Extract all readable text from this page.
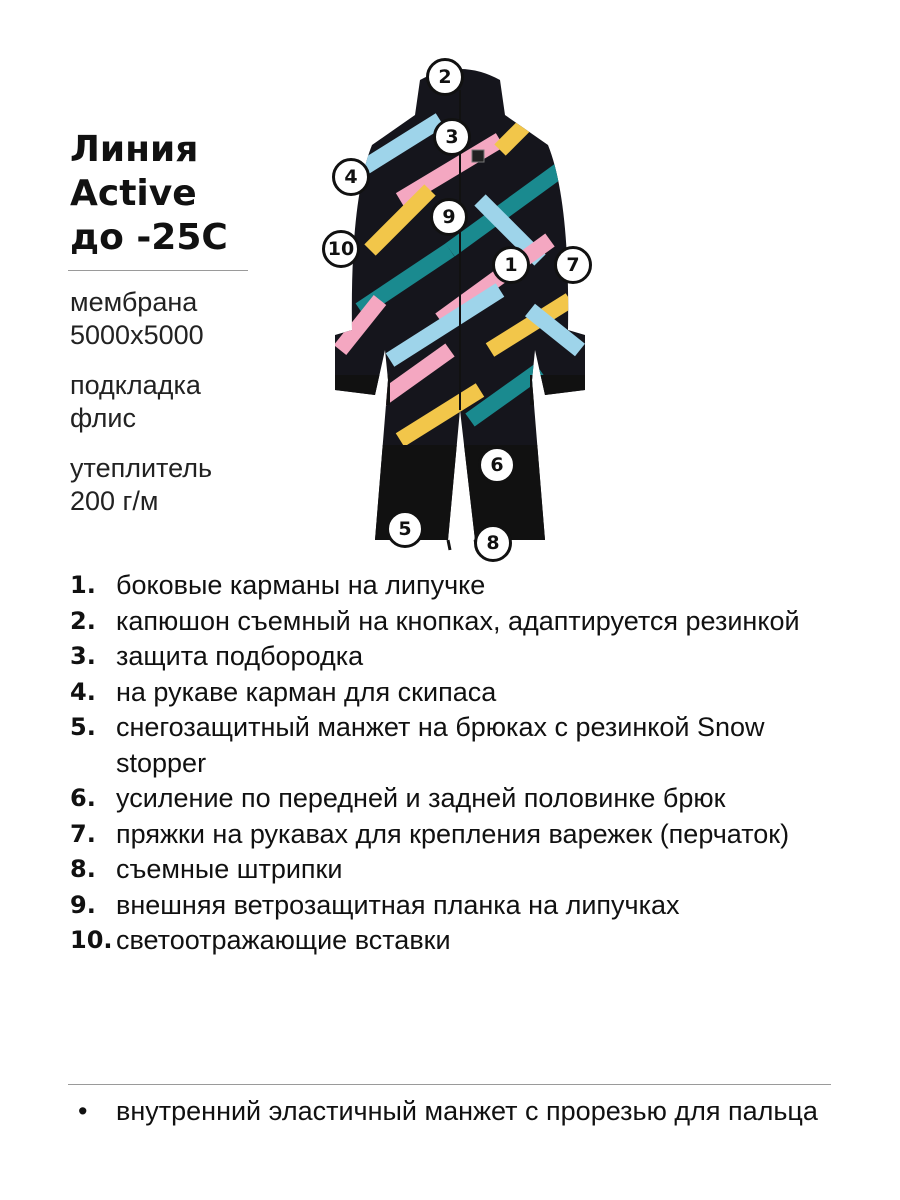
Линия
Active
до -25С
мембрана
5000х5000
подкладка
флис
утеплитель
200 г/м
2
3
4
9
10
1	7
6
5
8
1. боковые карманы на липучке
2. капюшон съемный на кнопках, адаптируется резинкой
3. защита подбородка
4. на рукаве карман для скипаса
5. снегозащитный манжет на брюках с резинкой Snow stopper
6. усиление по передней и задней половинке брюк
7. пряжки на рукавах для крепления варежек (перчаток)
8. съемные штрипки
9. внешняя ветрозащитная планка на липучках
10. светоотражающие вставки
•	внутренний эластичный манжет с прорезью для пальца
